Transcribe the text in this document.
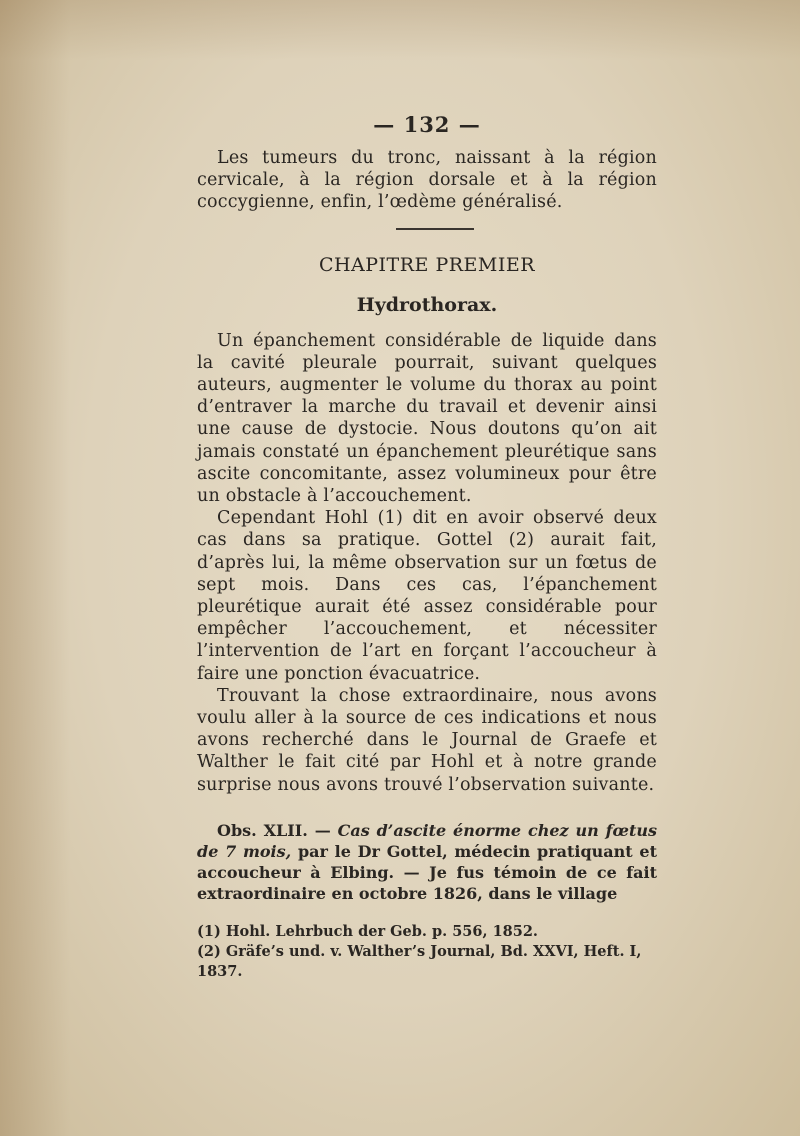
— 132 —

Les tumeurs du tronc, naissant à la région cervicale, à la région dorsale et à la région coccygienne, enfin, l’œdème généralisé.

CHAPITRE PREMIER
Hydrothorax.

Un épanchement considérable de liquide dans la cavité pleurale pourrait, suivant quelques auteurs, augmenter le volume du thorax au point d’entraver la marche du travail et devenir ainsi une cause de dystocie. Nous doutons qu’on ait jamais constaté un épanchement pleurétique sans ascite concomitante, assez volumineux pour être un obstacle à l’accouchement.

Cependant Hohl (1) dit en avoir observé deux cas dans sa pratique. Gottel (2) aurait fait, d’après lui, la même observation sur un fœtus de sept mois. Dans ces cas, l’épanchement pleurétique aurait été assez considérable pour empêcher l’accouchement, et nécessiter l’intervention de l’art en forçant l’accoucheur à faire une ponction évacuatrice.

Trouvant la chose extraordinaire, nous avons voulu aller à la source de ces indications et nous avons recherché dans le Journal de Graefe et Walther le fait cité par Hohl et à notre grande surprise nous avons trouvé l’observation suivante.

Obs. XLII. — Cas d’ascite énorme chez un fœtus de 7 mois, par le Dr Gottel, médecin pratiquant et accoucheur à Elbing. — Je fus témoin de ce fait extraordinaire en octobre 1826, dans le village

(1) Hohl. Lehrbuch der Geb. p. 556, 1852.

(2) Gräfe’s und. v. Walther’s Journal, Bd. XXVI, Heft. I, 1837.
